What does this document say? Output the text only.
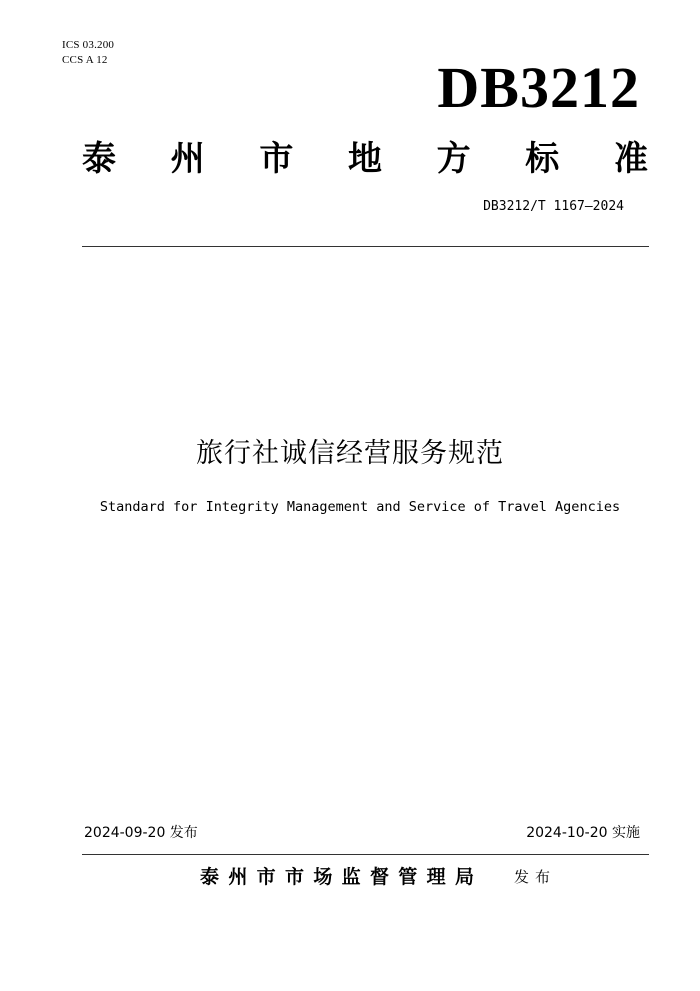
ICS 03.200
CCS A 12	DB3212
泰 州 市 地 方 标 准
DB3212/T 1167—2024
旅行社诚信经营服务规范
Standard for Integrity Management and Service of Travel Agencies
2024-09-20 发布	2024-10-20 实施
泰 州 市 市 场 监 督 管 理 局	发布
